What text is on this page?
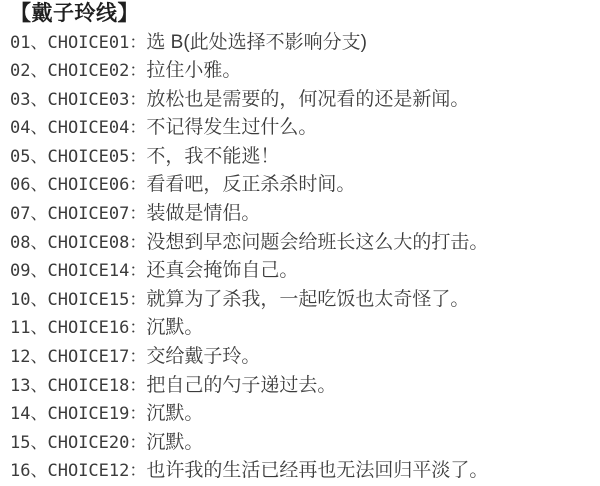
【戴子玲线】
01、CHOICE01：选 B(此处选择不影响分支)
02、CHOICE02：拉住小雅。
03、CHOICE03：放松也是需要的，何况看的还是新闻。
04、CHOICE04：不记得发生过什么。
05、CHOICE05：不，我不能逃！
06、CHOICE06：看看吧，反正杀杀时间。
07、CHOICE07：装做是情侣。
08、CHOICE08：没想到早恋问题会给班长这么大的打击。
09、CHOICE14：还真会掩饰自己。
10、CHOICE15：就算为了杀我，一起吃饭也太奇怪了。
11、CHOICE16：沉默。
12、CHOICE17：交给戴子玲。
13、CHOICE18：把自己的勺子递过去。
14、CHOICE19：沉默。
15、CHOICE20：沉默。
16、CHOICE12：也许我的生活已经再也无法回归平淡了。
